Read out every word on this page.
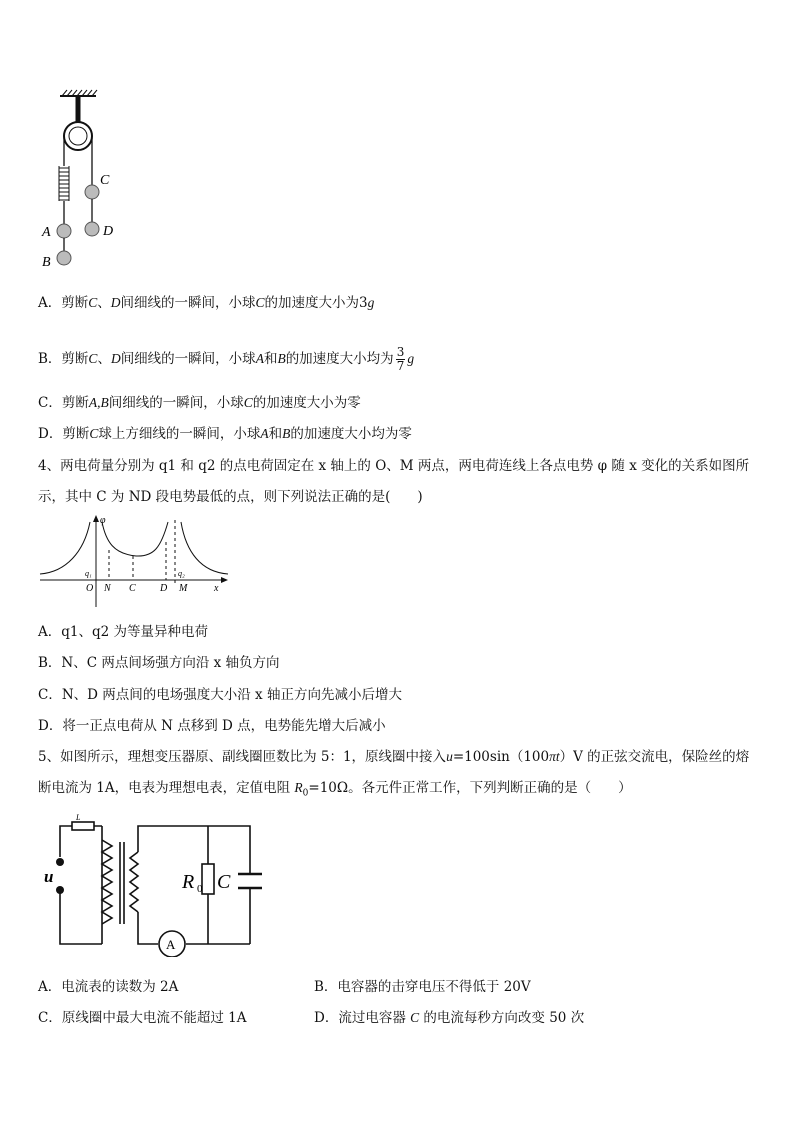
C
A
B
D
A．剪断C、D间细线的一瞬间，小球C的加速度大小为3g
B．剪断C、D间细线的一瞬间，小球A和B的加速度大小均为 $\frac{3}{7}$ g
C．剪断A,B间细线的一瞬间，小球C的加速度大小为零
D．剪断C球上方细线的一瞬间，小球A和B的加速度大小均为零
4、两电荷量分别为 q1 和 q2 的点电荷固定在 x 轴上的 O、M 两点，两电荷连线上各点电势 φ 随 x 变化的关系如图所
示，其中 C 为 ND 段电势最低的点，则下列说法正确的是(　　)
φ
x
q₁	q₂
O N C D M
A．q1、q2 为等量异种电荷
B．N、C 两点间场强方向沿 x 轴负方向
C．N、D 两点间的电场强度大小沿 x 轴正方向先减小后增大
D．将一正点电荷从 N 点移到 D 点，电势能先增大后减小
5、如图所示，理想变压器原、副线圈匝数比为 5：1，原线圈中接入u=100sin（100πt）V 的正弦交流电，保险丝的熔
断电流为 1A，电表为理想电表，定值电阻 $R_0=10\Omega$。各元件正常工作，下列判断正确的是（　　）
L
u	R 0 C
A
A．电流表的读数为 2A	B．电容器的击穿电压不得低于 20V
C．原线圈中最大电流不能超过 1A	D．流过电容器 C 的电流每秒方向改变 50 次
